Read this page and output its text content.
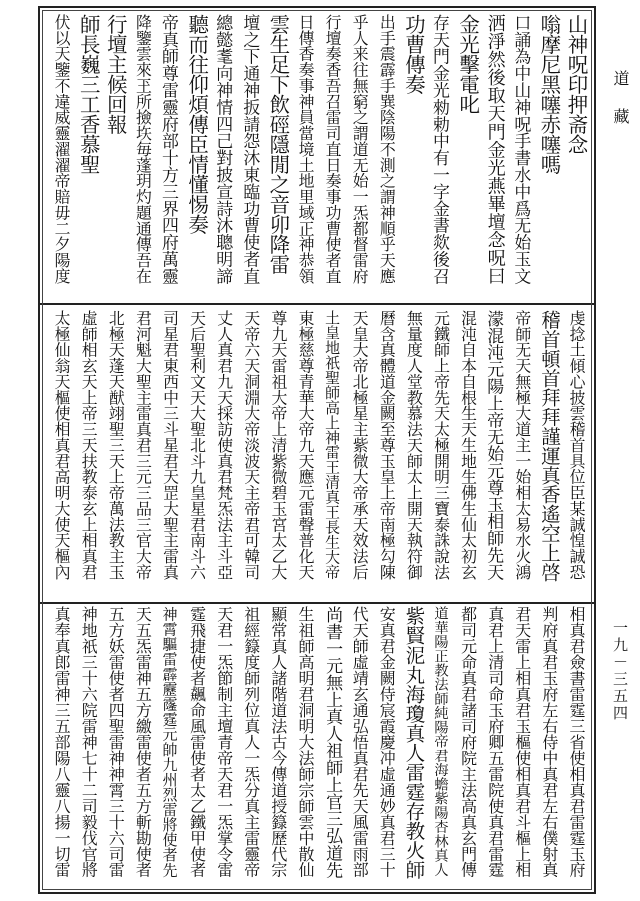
山神呪印押斋念
嗡摩尼黑噻赤噻嗎
口誦為中山神呪手書水中爲无始玉文
洒淨然後取天門金光燕畢壇念呪曰
金光擊電叱
存天門金光勑勅中有一字金書欻後召
功曹傳奏
出手震霹手巽陰陽不測之謂神順乎天應
乎人来往無窮之謂道无始一炁都督雷府
行壇奏香吾召雷司直日奏事功曹使者直
日傳香奏事神員當境土地里域正神恭領
雲生足下飲硜隱閒之音卯降雷
壇之下通神扳請怨沐東臨功曹使者直
總懿耄向神情四己對披宣詩沐聰明諦
聽而往仰煩傳臣情懂惕奏
帝真師尊雷靈府部十方三界四府萬靈
降鑒雲來玊所撿垁毎蓬玥灼題通傳吾在
行壇主候回報
師長巍三工香慕聖
伏以天鑒不違威靈濯濯帝賠毋二夕陽度
虔捻土傾心披雲稽首具位臣某誠惶誠恐
稽首頓首拜拜謹運真香遙空上啓
帝師无天無極大道主一始相太易水火鴻
濛混沌元陽上帝无始元尊玉相師先天
混沌自本自根生天生地生佛生仙太初玄
元鐵師上帝先天太極開明三寶泰誅說法
無量度人堂教慕法天師太上開天執符御
曆含真體道金闕至尊玉皇上帝南極勾陳
天皇大帝北極星主紫微大帝承天效法后
土皇地祇聖師高上神雷王清真王長生大帝
東極慈尊青華大帝九天應元雷聲普化天
尊九天雷祖大帝上清紫微碧玉宮太乙大
天帝六天洞淵大帝淡波天主帝君可韓司
丈人真君九天採訪使真君梵炁法主斗亞
天后聖利文天大聖北斗九皇星君南斗六
司星君東西中三斗星君天罡大聖主雷真
君河魁大聖主雷真君三元三品三官大帝
北極天蓬天猷翊聖三天上帝萬法教主玉
虛師相玄天上帝三天扶教泰玄上相真君
太極仙翁天樞使相真君高明大使天樞內
相真君僉書雷霆三省使相真君雷霆玉府
判府真君玉府左右侍中真君左右僕射真
君天雷上相真君玉樞使相真君斗樞上相
真君上清司命玉府卿五雷院使真君雷霆
都司元命真君諸司府院主法高真玄門傳
道華陽正教法師純陽帝君海蟾紫陽杏林真人
紫賢泥丸海瓊真人雷霆存教火師
安真君金闕侍宸霞慶冲虛通妙真君三十
代天師虛靖玄通弘悟真君先天風雷雨部
尚書一元無上真人祖師上官三弘道先
生祖師高明君洞明大法師宗師雲中散仙
顯常真人諸階道法古今傳道授籙歷代宗
祖經籙度師列位真人一炁分真主雷靈帝
天君一炁節制主壇青帝天君一炁掌令雷
霆飛捷使者飆命風雷使者太乙鐵甲使者
神霄驅雷霹靂霳霆元帥九州烈雷將使者先
天五炁雷神五方繳雷使者五方斬勘使者
五方妖雷使者四聖雷神神霄三十六司雷
神地祇三十六院雷神七十二司毅伐官將
真奉真郎雷神三五部陽八靈八揚一切雷
道藏
一九－三五四
